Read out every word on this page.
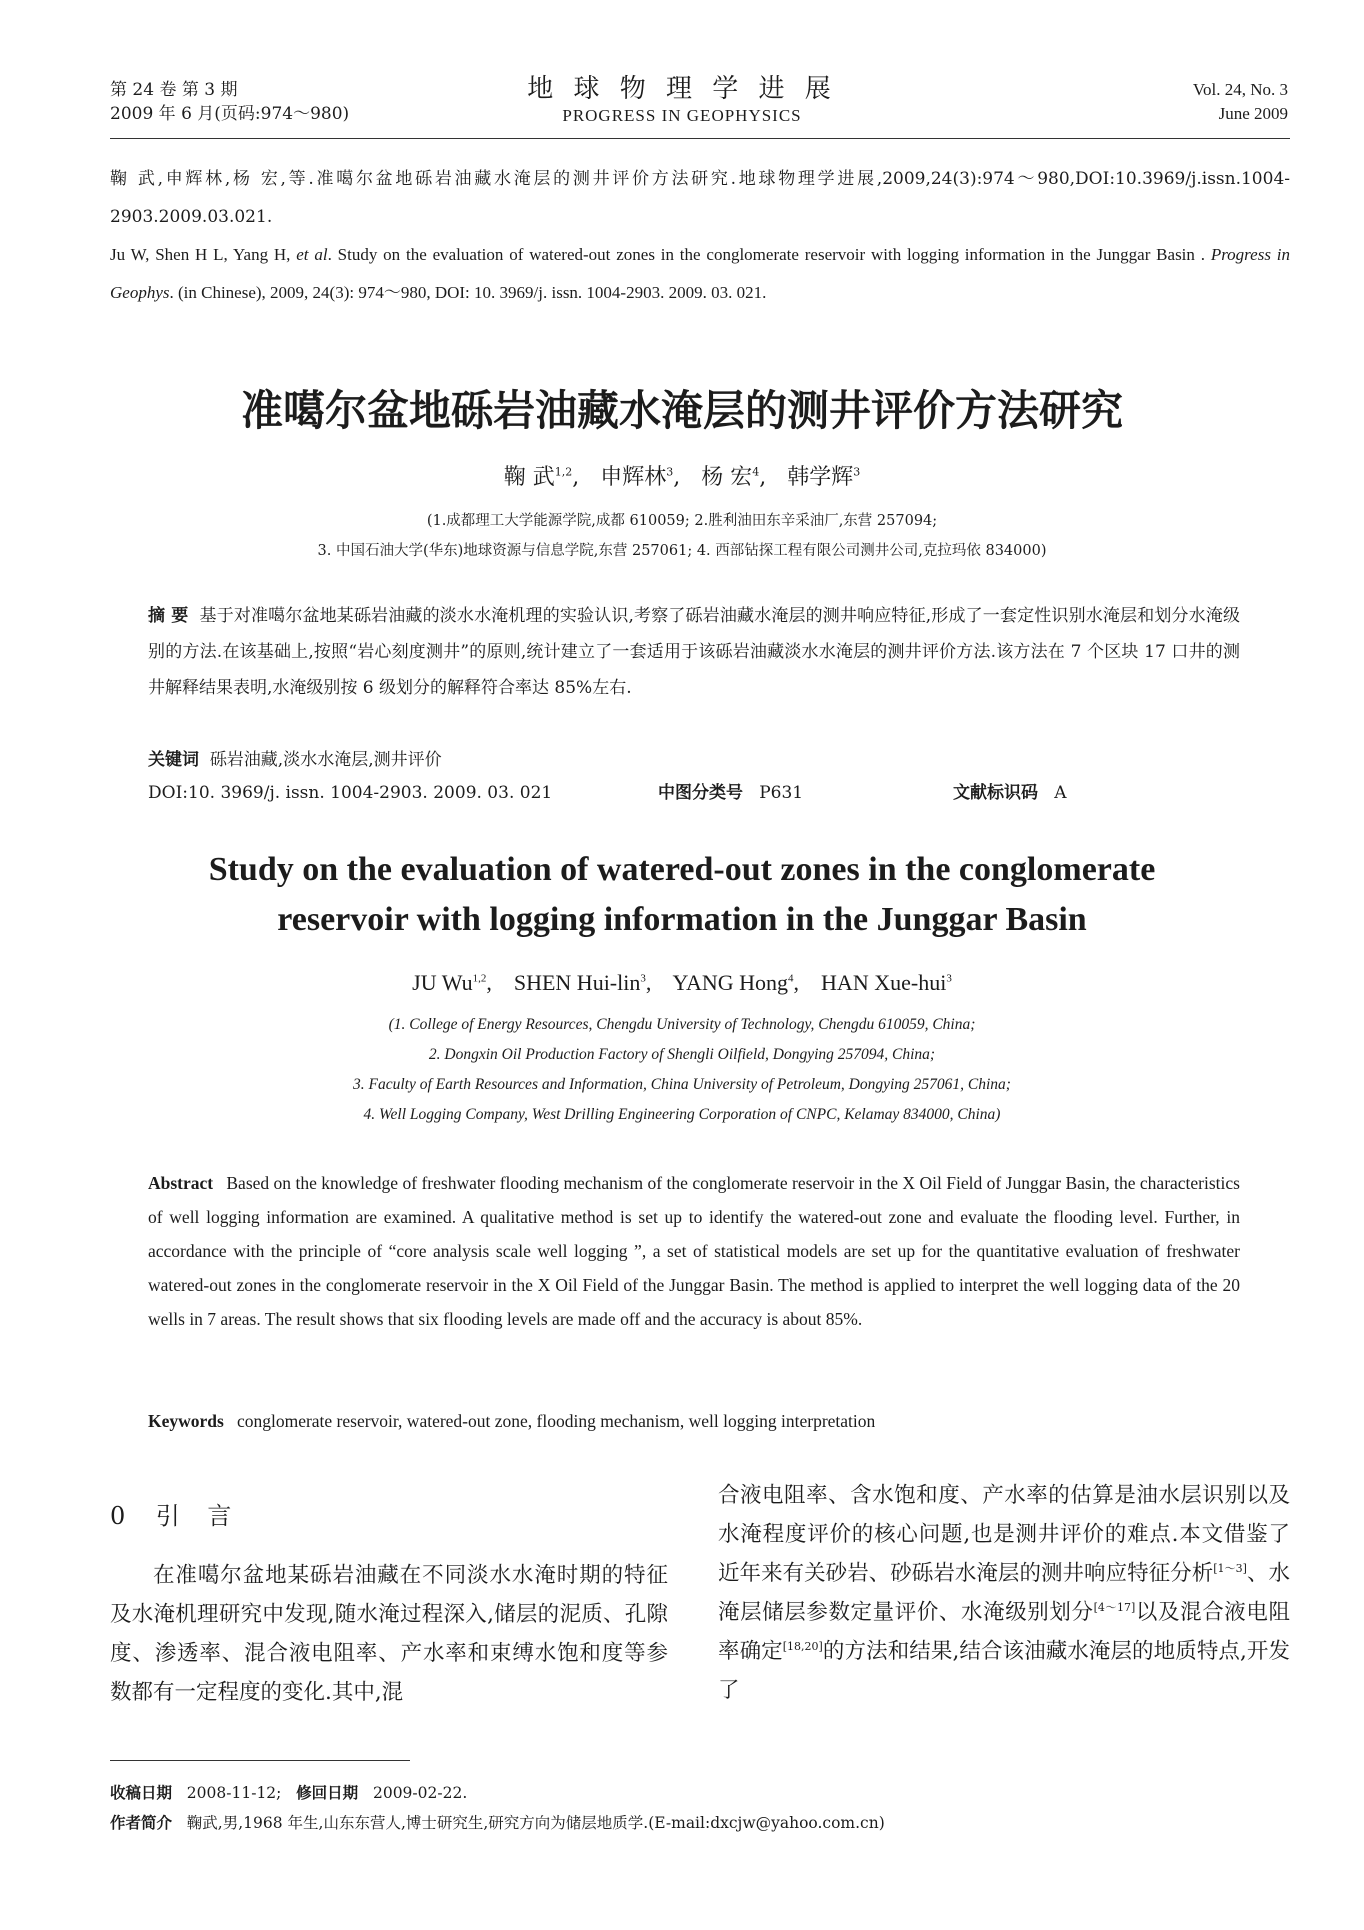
第 24 卷 第 3 期
2009 年 6 月(页码:974～980)
地 球 物 理 学 进 展
PROGRESS IN GEOPHYSICS
Vol. 24, No. 3
June 2009
鞠 武,申辉林,杨 宏,等.准噶尔盆地砾岩油藏水淹层的测井评价方法研究.地球物理学进展,2009,24(3):974～980,DOI:10.3969/j.issn.1004-2903.2009.03.021.
Ju W, Shen H L, Yang H, et al. Study on the evaluation of watered-out zones in the conglomerate reservoir with logging information in the Junggar Basin . Progress in Geophys. (in Chinese), 2009, 24(3): 974～980, DOI: 10. 3969/j. issn. 1004-2903. 2009. 03. 021.
准噶尔盆地砾岩油藏水淹层的测井评价方法研究
鞠 武$^{1,2}$,   申辉林$^3$,   杨 宏$^4$,   韩学辉$^3$
(1.成都理工大学能源学院,成都 610059; 2.胜利油田东辛采油厂,东营 257094;
3. 中国石油大学(华东)地球资源与信息学院,东营 257061; 4. 西部钻探工程有限公司测井公司,克拉玛依 834000)
摘 要 基于对准噶尔盆地某砾岩油藏的淡水水淹机理的实验认识,考察了砾岩油藏水淹层的测井响应特征,形成了一套定性识别水淹层和划分水淹级别的方法.在该基础上,按照“岩心刻度测井”的原则,统计建立了一套适用于该砾岩油藏淡水水淹层的测井评价方法.该方法在 7 个区块 17 口井的测井解释结果表明,水淹级别按 6 级划分的解释符合率达 85%左右.
关键词 砾岩油藏,淡水水淹层,测井评价
DOI:10. 3969/j. issn. 1004-2903. 2009. 03. 021	中图分类号 P631	文献标识码 A
Study on the evaluation of watered-out zones in the conglomerate
reservoir with logging information in the Junggar Basin
JU Wu$^{1,2}$,    SHEN Hui-lin$^3$,    YANG Hong$^4$,    HAN Xue-hui$^3$
(1. College of Energy Resources, Chengdu University of Technology, Chengdu 610059, China;
2. Dongxin Oil Production Factory of Shengli Oilfield, Dongying 257094, China;
3. Faculty of Earth Resources and Information, China University of Petroleum, Dongying 257061, China;
4. Well Logging Company, West Drilling Engineering Corporation of CNPC, Kelamay 834000, China)
Abstract Based on the knowledge of freshwater flooding mechanism of the conglomerate reservoir in the X Oil Field of Junggar Basin, the characteristics of well logging information are examined. A qualitative method is set up to identify the watered-out zone and evaluate the flooding level. Further, in accordance with the principle of “core analysis scale well logging ”, a set of statistical models are set up for the quantitative evaluation of freshwater watered-out zones in the conglomerate reservoir in the X Oil Field of the Junggar Basin. The method is applied to interpret the well logging data of the 20 wells in 7 areas. The result shows that six flooding levels are made off and the accuracy is about 85%.
Keywords conglomerate reservoir, watered-out zone, flooding mechanism, well logging interpretation
0 引 言
在准噶尔盆地某砾岩油藏在不同淡水水淹时期的特征及水淹机理研究中发现,随水淹过程深入,储层的泥质、孔隙度、渗透率、混合液电阻率、产水率和束缚水饱和度等参数都有一定程度的变化.其中,混
合液电阻率、含水饱和度、产水率的估算是油水层识别以及水淹程度评价的核心问题,也是测井评价的难点.本文借鉴了近年来有关砂岩、砂砾岩水淹层的测井响应特征分析[1～3]、水淹层储层参数定量评价、水淹级别划分[4～17]以及混合液电阻率确定[18,20]的方法和结果,结合该油藏水淹层的地质特点,开发了
收稿日期 2008-11-12; 修回日期 2009-02-22.
作者简介 鞠武,男,1968 年生,山东东营人,博士研究生,研究方向为储层地质学.(E-mail:dxcjw@yahoo.com.cn)
